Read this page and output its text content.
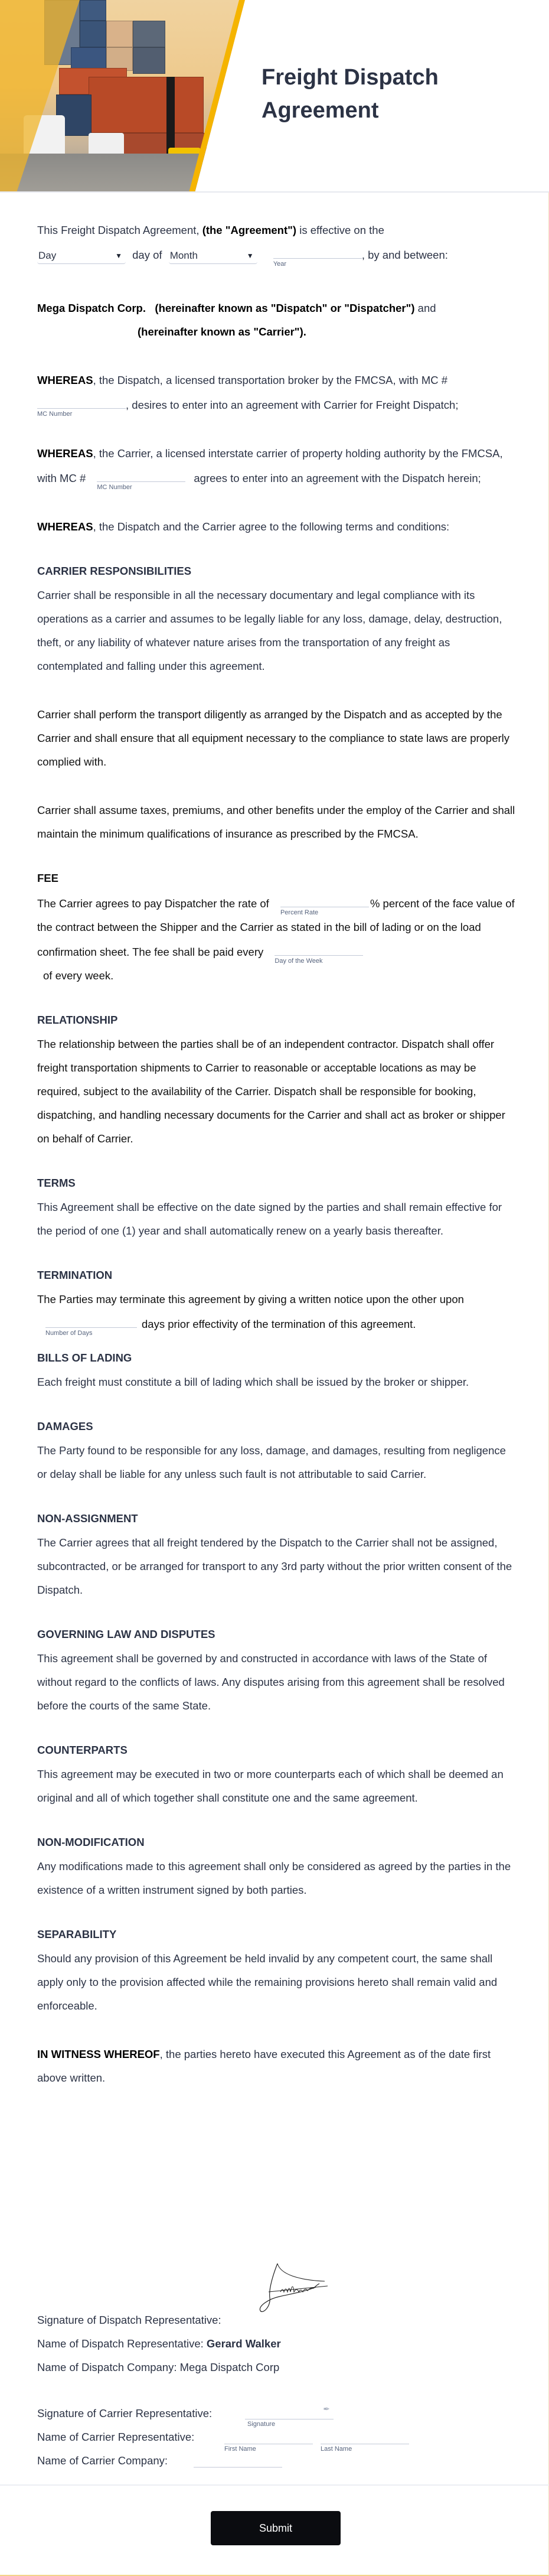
Freight Dispatch Agreement

This Freight Dispatch Agreement, (the "Agreement") is effective on the

Day	▼ day of Month	▼

Year
, by and between:

Mega Dispatch Corp. (hereinafter known as "Dispatch" or "Dispatcher") and

(hereinafter known as "Carrier").

WHEREAS, the Dispatch, a licensed transportation broker by the FMCSA, with MC #

MC Number
, desires to enter into an agreement with Carrier for Freight Dispatch;

WHEREAS, the Carrier, a licensed interstate carrier of property holding authority by the FMCSA, with MC #
MC Number
agrees to enter into an agreement with the Dispatch herein;

WHEREAS, the Dispatch and the Carrier agree to the following terms and conditions:

CARRIER RESPONSIBILITIES

Carrier shall be responsible in all the necessary documentary and legal compliance with its operations as a carrier and assumes to be legally liable for any loss, damage, delay, destruction, theft, or any liability of whatever nature arises from the transportation of any freight as contemplated and falling under this agreement.

Carrier shall perform the transport diligently as arranged by the Dispatch and as accepted by the Carrier and shall ensure that all equipment necessary to the compliance to state laws are properly complied with.

Carrier shall assume taxes, premiums, and other benefits under the employ of the Carrier and shall maintain the minimum qualifications of insurance as prescribed by the FMCSA.

FEE

The Carrier agrees to pay Dispatcher the rate of
Percent Rate
% percent of the face value of the contract between the Shipper and the Carrier as stated in the bill of lading or on the load confirmation sheet. The fee shall be paid every
Day of the Week

of every week.

RELATIONSHIP

The relationship between the parties shall be of an independent contractor. Dispatch shall offer freight transportation shipments to Carrier to reasonable or acceptable locations as may be required, subject to the availability of the Carrier. Dispatch shall be responsible for booking, dispatching, and handling necessary documents for the Carrier and shall act as broker or shipper on behalf of Carrier.

TERMS

This Agreement shall be effective on the date signed by the parties and shall remain effective for the period of one (1) year and shall automatically renew on a yearly basis thereafter.

TERMINATION

The Parties may terminate this agreement by giving a written notice upon the other upon
Number of Days
days prior effectivity of the termination of this agreement.

BILLS OF LADING

Each freight must constitute a bill of lading which shall be issued by the broker or shipper.

DAMAGES

The Party found to be responsible for any loss, damage, and damages, resulting from negligence or delay shall be liable for any unless such fault is not attributable to said Carrier.

NON-ASSIGNMENT

The Carrier agrees that all freight tendered by the Dispatch to the Carrier shall not be assigned, subcontracted, or be arranged for transport to any 3rd party without the prior written consent of the Dispatch.

GOVERNING LAW AND DISPUTES

This agreement shall be governed by and constructed in accordance with laws of the State of without regard to the conflicts of laws. Any disputes arising from this agreement shall be resolved before the courts of the same State.

COUNTERPARTS

This agreement may be executed in two or more counterparts each of which shall be deemed an original and all of which together shall constitute one and the same agreement.

NON-MODIFICATION

Any modifications made to this agreement shall only be considered as agreed by the parties in the existence of a written instrument signed by both parties.

SEPARABILITY

Should any provision of this Agreement be held invalid by any competent court, the same shall apply only to the provision affected while the remaining provisions hereto shall remain valid and enforceable.

IN WITNESS WHEREOF, the parties hereto have executed this Agreement as of the date first above written.

Signature of Dispatch Representative:
Name of Dispatch Representative: Gerard Walker
Name of Dispatch Company: Mega Dispatch Corp
Signature of Carrier Representative:	✒
Signature
Name of Carrier Representative:
First Name	Last Name
Name of Carrier Company:
Submit
